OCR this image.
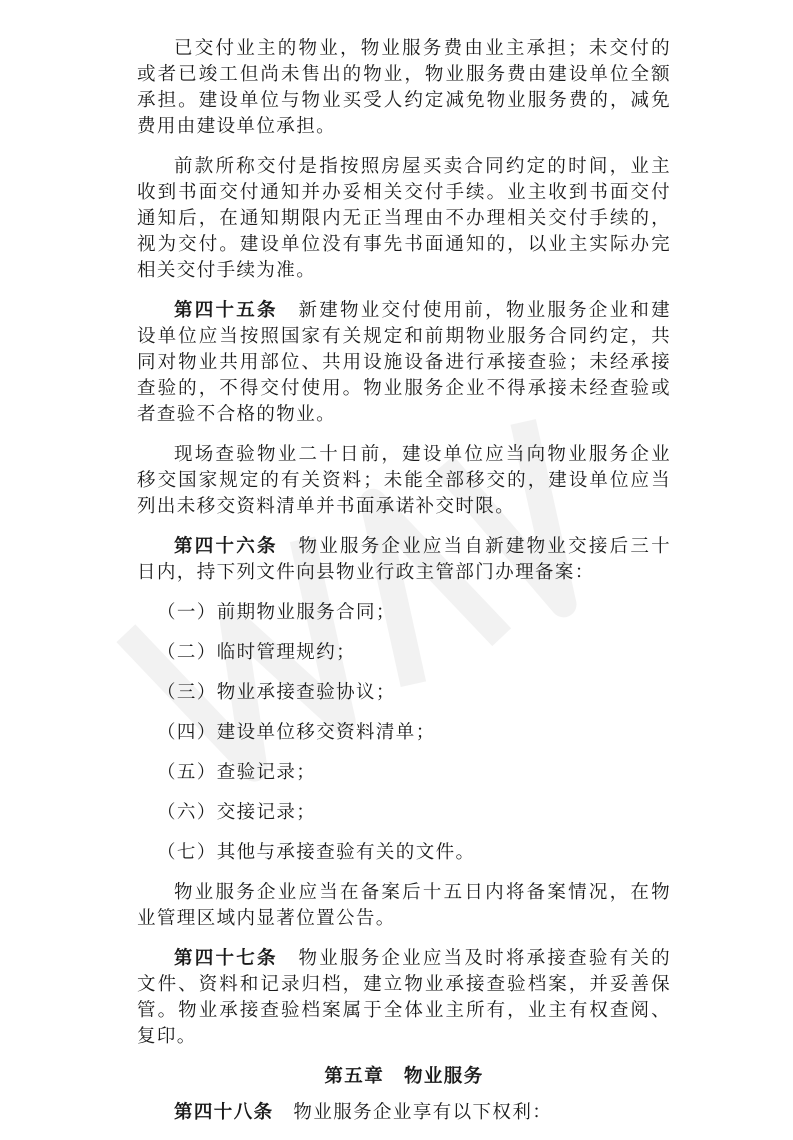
已交付业主的物业，物业服务费由业主承担；未交付的或者已竣工但尚未售出的物业，物业服务费由建设单位全额承担。建设单位与物业买受人约定减免物业服务费的，减免费用由建设单位承担。

前款所称交付是指按照房屋买卖合同约定的时间，业主收到书面交付通知并办妥相关交付手续。业主收到书面交付通知后，在通知期限内无正当理由不办理相关交付手续的，视为交付。建设单位没有事先书面通知的，以业主实际办完相关交付手续为准。

第四十五条　 新建物业交付使用前，物业服务企业和建设单位应当按照国家有关规定和前期物业服务合同约定，共同对物业共用部位、共用设施设备进行承接查验；未经承接查验的，不得交付使用。物业服务企业不得承接未经查验或者查验不合格的物业。

现场查验物业二十日前，建设单位应当向物业服务企业移交国家规定的有关资料；未能全部移交的，建设单位应当列出未移交资料清单并书面承诺补交时限。

第四十六条　 物业服务企业应当自新建物业交接后三十日内，持下列文件向县物业行政主管部门办理备案：

（一）前期物业服务合同；

（二）临时管理规约；

（三）物业承接查验协议；

（四）建设单位移交资料清单；

（五）查验记录；

（六）交接记录；

（七）其他与承接查验有关的文件。

物业服务企业应当在备案后十五日内将备案情况，在物业管理区域内显著位置公告。

第四十七条　 物业服务企业应当及时将承接查验有关的文件、资料和记录归档，建立物业承接查验档案，并妥善保管。物业承接查验档案属于全体业主所有，业主有权查阅、复印。

第五章　物业服务

第四十八条　 物业服务企业享有以下权利：
